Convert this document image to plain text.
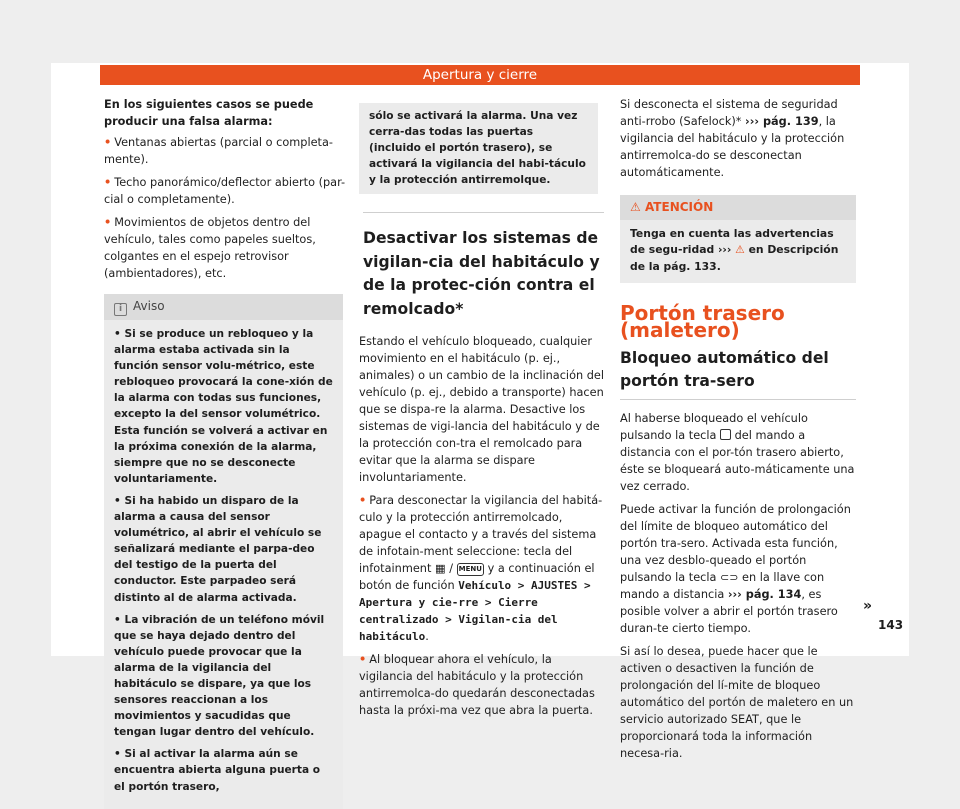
Apertura y cierre

En los siguientes casos se puede producir una falsa alarma:

• Ventanas abiertas (parcial o completa-mente).

• Techo panorámico/deflector abierto (par-cial o completamente).

• Movimientos de objetos dentro del vehículo, tales como papeles sueltos, colgantes en el espejo retrovisor (ambientadores), etc.

i Aviso

• Si se produce un rebloqueo y la alarma estaba activada sin la función sensor volu-métrico, este rebloqueo provocará la cone-xión de la alarma con todas sus funciones, excepto la del sensor volumétrico. Esta función se volverá a activar en la próxima conexión de la alarma, siempre que no se desconecte voluntariamente.

• Si ha habido un disparo de la alarma a causa del sensor volumétrico, al abrir el vehículo se señalizará mediante el parpa-deo del testigo de la puerta del conductor. Este parpadeo será distinto al de alarma activada.

• La vibración de un teléfono móvil que se haya dejado dentro del vehículo puede provocar que la alarma de la vigilancia del habitáculo se dispare, ya que los sensores reaccionan a los movimientos y sacudidas que tengan lugar dentro del vehículo.

• Si al activar la alarma aún se encuentra abierta alguna puerta o el portón trasero,

sólo se activará la alarma. Una vez cerra-das todas las puertas (incluido el portón trasero), se activará la vigilancia del habi-táculo y la protección antirremolque.
Desactivar los sistemas de vigilan-cia del habitáculo y de la protec-ción contra el remolcado*

Estando el vehículo bloqueado, cualquier movimiento en el habitáculo (p. ej., animales) o un cambio de la inclinación del vehículo (p. ej., debido a transporte) hacen que se dispa-re la alarma. Desactive los sistemas de vigi-lancia del habitáculo y de la protección con-tra el remolcado para evitar que la alarma se dispare involuntariamente.

• Para desconectar la vigilancia del habitá-culo y la protección antirremolcado, apague el contacto y a través del sistema de infotain-ment seleccione: tecla del infotainment ▦ / MENU y a continuación el botón de función Vehículo > AJUSTES > Apertura y cie-rre > Cierre centralizado > Vigilan-cia del habitáculo.

• Al bloquear ahora el vehículo, la vigilancia del habitáculo y la protección antirremolca-do quedarán desconectadas hasta la próxi-ma vez que abra la puerta.

Si desconecta el sistema de seguridad anti-rrobo (Safelock)* ››› pág. 139, la vigilancia del habitáculo y la protección antirremolca-do se desconectan automáticamente.

⚠ ATENCIÓN
Tenga en cuenta las advertencias de segu-ridad ››› ⚠ en Descripción de la pág. 133.
Portón trasero (maletero)
Bloqueo automático del portón tra-sero

Al haberse bloqueado el vehículo pulsando la tecla del mando a distancia con el por-tón trasero abierto, éste se bloqueará auto-máticamente una vez cerrado.

Puede activar la función de prolongación del límite de bloqueo automático del portón tra-sero. Activada esta función, una vez desblo-queado el portón pulsando la tecla ⊂⊃ en la llave con mando a distancia ››› pág. 134, es posible volver a abrir el portón trasero duran-te cierto tiempo.

Si así lo desea, puede hacer que le activen o desactiven la función de prolongación del lí-mite de bloqueo automático del portón de maletero en un servicio autorizado SEAT, que le proporcionará toda la información necesa-ria.

»
143
